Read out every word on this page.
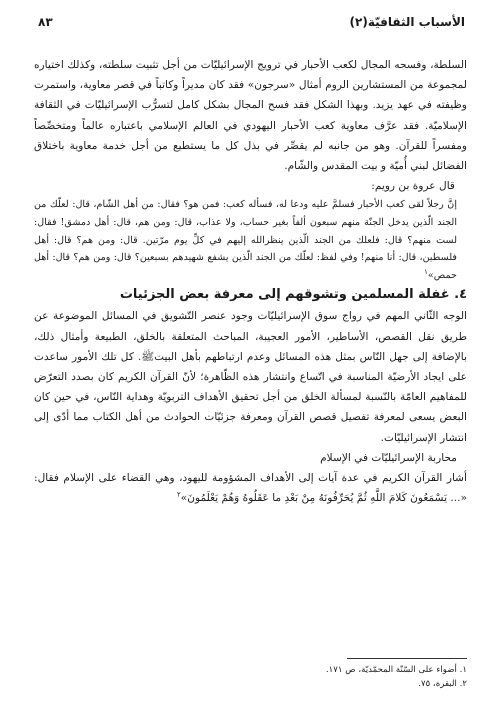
الأسباب الثقافيّة(٢)
٨٣

السلطة، وفسحه المجال لكعب الأحبار في ترويج الإسرائيليّات من أجل تثبيت سلطته، وكذلك اختياره لمجموعة من المستشارين الروم أمثال «سرجون» فقد كان مديراً وكاتباً في قصر معاوية، واستمرت وظيفته في عهد يزيد. وبهذا الشكل فقد فسح المجال بشكل كامل لتسرُّب الإسرائيليّات في الثقافة الإسلاميّة. فقد عرَّف معاوية كعب الأحبار اليهودي في العالم الإسلامي باعتباره عالماً ومتخصِّصاً ومفسراً للقرآن. وهو من جانبه لم يقصِّر في بذل كل ما يستطيع من أجل خدمة معاوية باختلاق الفضائل لبني أُميّة و بيت المقدس والشّام.

قال عروة بن رويم:

إنَّ رجلاً لقى كعب الأحبار فسلمَّ عليه ودعا له، فسأله كعب: فمن هو؟ فقال: من أهل الشّام، قال: لعلّك من الجند الّذين يدخل الجنّة منهم سبعون ألفاً بغير حساب، ولا عذاب، قال: ومن هم، قال: أهل دمشق! فقال: لست منهم؟ قال: فلعلك من الجند الّذين ينظرالله إليهم في كلِّ يوم مرّتين. قال: ومن هم؟ قال: أهل فلسطين، قال: أنا منهم! وفي لفظ: لعلّك من الجند الّذين يشفع شهيدهم بسبعين؟ قال: ومن هم؟ قال: أهل حمص»$^١$

٤. غفلة المسلمين وتشوقهم إلى معرفة بعض الجزئيات

الوجه الثّاني المهم في رواج سوق الإسرائيليّات وجود عنصر التّشويق في المسائل الموضوعة عن طريق نقل القصص، الأساطير، الأمور العجيبة، المباحث المتعلقة بالخلق، الطبيعة وأمثال ذلك، بالإضافة إلى جهل النّاس بمثل هذه المسائل وعدم ارتباطهم بأهل البيتﷺ. كل تلك الأمور ساعدت على ايجاد الأرضيّة المناسبة في اتّساع وانتشار هذه الظّاهرة؛ لأنّ القرآن الكريم كان بصدد التعرّض للمفاهيم العامّة بالنّسبة لمسألة الخلق من أجل تحقيق الأهداف التربويّة وهداية النّاس، في حين كان البعض يسعى لمعرفة تفصيل قصص القرآن ومعرفة جزئيّات الحوادث من أهل الكتاب مما أدّى إلى انتشار الإسرائيليّات.

محاربة الإسرائيليّات في الإسلام

أشار القرآن الكريم في عدة آيات إلى الأهداف المشؤومة لليهود، وهي القضاء على الإسلام فقال: «... يَسْمَعُونَ كَلامَ اللَّهِ ثُمَّ يُحَرِّفُونَهُ مِنْ بَعْدِ ما عَقَلُوهُ وَهُمْ يَعْلَمُونَ»$^٢$

١. أضواء على السّنّة المحمّديّة، ص ١٧١.
٢. البقرة، ٧٥.
